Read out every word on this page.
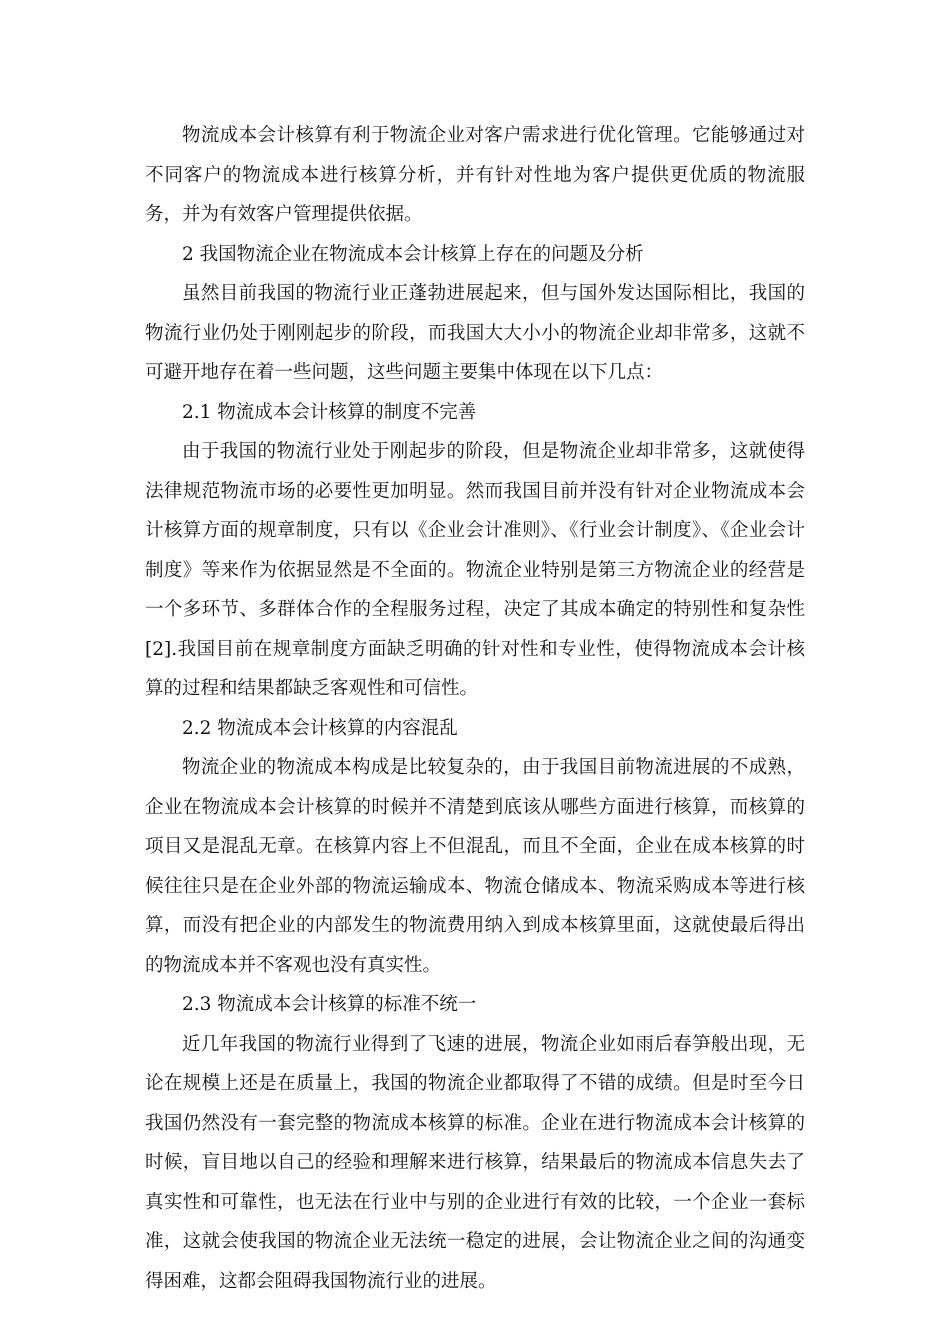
物流成本会计核算有利于物流企业对客户需求进行优化管理。它能够通过对不同客户的物流成本进行核算分析，并有针对性地为客户提供更优质的物流服务，并为有效客户管理提供依据。

2 我国物流企业在物流成本会计核算上存在的问题及分析

虽然目前我国的物流行业正蓬勃进展起来，但与国外发达国际相比，我国的物流行业仍处于刚刚起步的阶段，而我国大大小小的物流企业却非常多，这就不可避开地存在着一些问题，这些问题主要集中体现在以下几点：

2.1 物流成本会计核算的制度不完善

由于我国的物流行业处于刚起步的阶段，但是物流企业却非常多，这就使得法律规范物流市场的必要性更加明显。然而我国目前并没有针对企业物流成本会计核算方面的规章制度，只有以《企业会计准则》、《行业会计制度》、《企业会计制度》等来作为依据显然是不全面的。物流企业特别是第三方物流企业的经营是一个多环节、多群体合作的全程服务过程，决定了其成本确定的特别性和复杂性[2].我国目前在规章制度方面缺乏明确的针对性和专业性，使得物流成本会计核算的过程和结果都缺乏客观性和可信性。

2.2 物流成本会计核算的内容混乱

物流企业的物流成本构成是比较复杂的，由于我国目前物流进展的不成熟，企业在物流成本会计核算的时候并不清楚到底该从哪些方面进行核算，而核算的项目又是混乱无章。在核算内容上不但混乱，而且不全面，企业在成本核算的时候往往只是在企业外部的物流运输成本、物流仓储成本、物流采购成本等进行核算，而没有把企业的内部发生的物流费用纳入到成本核算里面，这就使最后得出的物流成本并不客观也没有真实性。

2.3 物流成本会计核算的标准不统一

近几年我国的物流行业得到了飞速的进展，物流企业如雨后春笋般出现，无论在规模上还是在质量上，我国的物流企业都取得了不错的成绩。但是时至今日我国仍然没有一套完整的物流成本核算的标准。企业在进行物流成本会计核算的时候，盲目地以自己的经验和理解来进行核算，结果最后的物流成本信息失去了真实性和可靠性，也无法在行业中与别的企业进行有效的比较，一个企业一套标准，这就会使我国的物流企业无法统一稳定的进展，会让物流企业之间的沟通变得困难，这都会阻碍我国物流行业的进展。
